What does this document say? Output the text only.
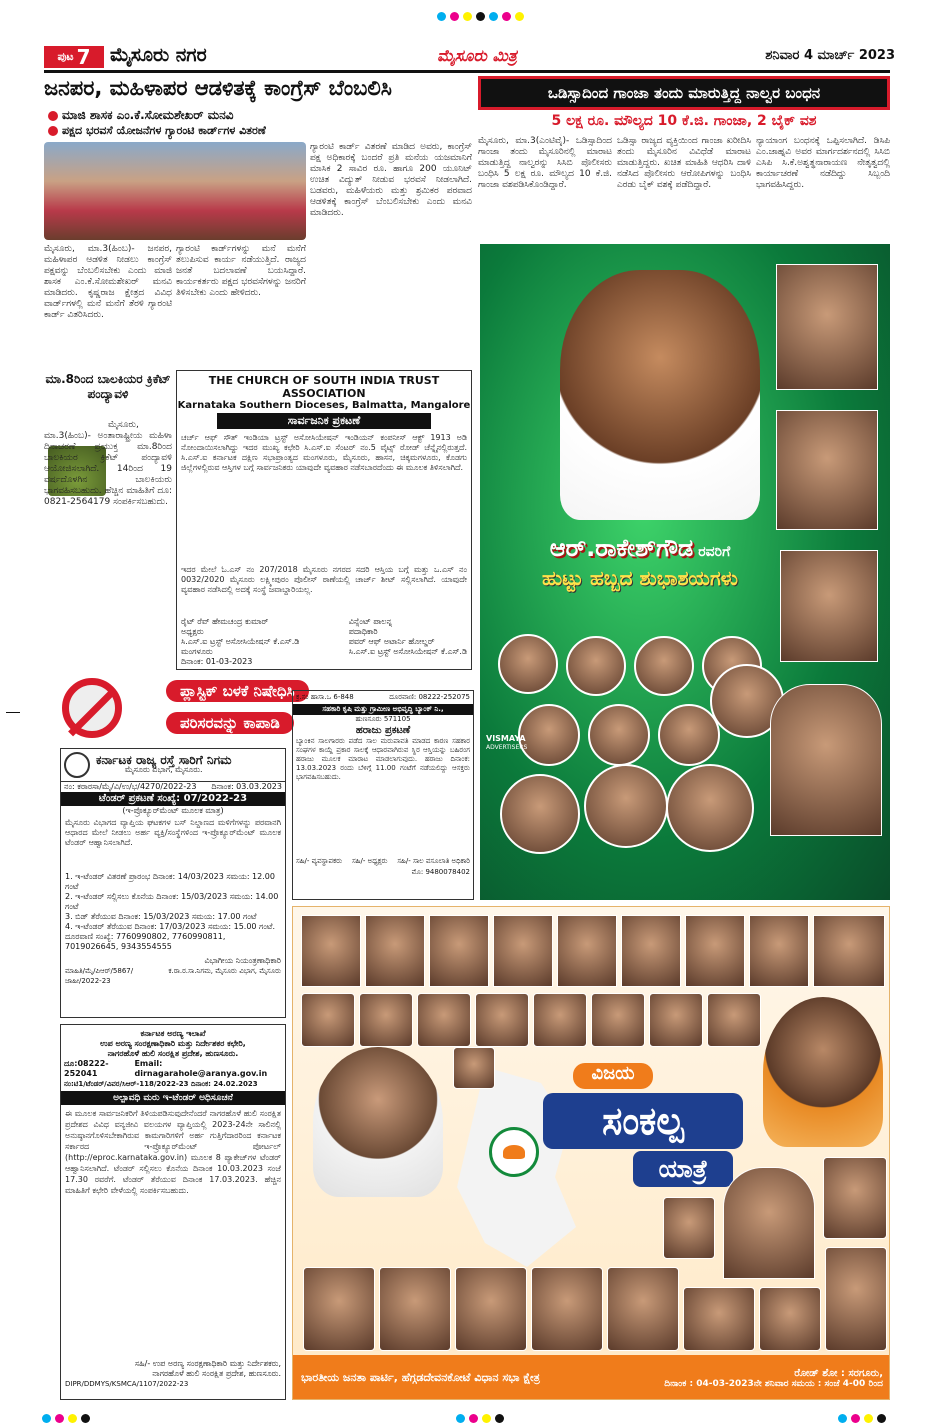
ಪುಟ 7 ಮೈಸೂರು ನಗರ	ಮೈಸೂರು ಮಿತ್ರ	ಶನಿವಾರ 4 ಮಾರ್ಚ್ 2023
ಜನಪರ, ಮಹಿಳಾಪರ ಆಡಳಿತಕ್ಕೆ ಕಾಂಗ್ರೆಸ್ ಬೆಂಬಲಿಸಿ
ಮಾಜಿ ಶಾಸಕ ಎಂ.ಕೆ.ಸೋಮಶೇಖರ್ ಮನವಿ
ಪಕ್ಷದ ಭರವಸೆ ಯೋಜನೆಗಳ ಗ್ಯಾರಂಟಿ ಕಾರ್ಡ್‌ಗಳ ವಿತರಣೆ
ಗ್ಯಾರಂಟಿ ಕಾರ್ಡ್ ವಿತರಣೆ ಮಾಡಿದ ಅವರು, ಕಾಂಗ್ರೆಸ್ ಪಕ್ಷ ಅಧಿಕಾರಕ್ಕೆ ಬಂದರೆ ಪ್ರತಿ ಮನೆಯ ಯಜಮಾನಿಗೆ ಮಾಸಿಕ 2 ಸಾವಿರ ರೂ. ಹಾಗೂ 200 ಯೂನಿಟ್ ಉಚಿತ ವಿದ್ಯುತ್ ನೀಡುವ ಭರವಸೆ ನೀಡಲಾಗಿದೆ. ಬಡವರು, ಮಹಿಳೆಯರು ಮತ್ತು ಶ್ರಮಿಕರ ಪರವಾದ ಆಡಳಿತಕ್ಕೆ ಕಾಂಗ್ರೆಸ್ ಬೆಂಬಲಿಸಬೇಕು ಎಂದು ಮನವಿ ಮಾಡಿದರು.
ಮೈಸೂರು, ಮಾ.3(ಹಿಂಬ)- ಜನಪರ, ಮಹಿಳಾಪರ ಆಡಳಿತ ನೀಡಲು ಕಾಂಗ್ರೆಸ್ ಪಕ್ಷವನ್ನು ಬೆಂಬಲಿಸಬೇಕು ಎಂದು ಮಾಜಿ ಶಾಸಕ ಎಂ.ಕೆ.ಸೋಮಶೇಖರ್ ಮನವಿ ಮಾಡಿದರು. ಕೃಷ್ಣರಾಜ ಕ್ಷೇತ್ರದ ವಿವಿಧ ವಾರ್ಡ್‌ಗಳಲ್ಲಿ ಮನೆ ಮನೆಗೆ ತೆರಳಿ ಗ್ಯಾರಂಟಿ ಕಾರ್ಡ್ ವಿತರಿಸಿದರು.
ಗ್ಯಾರಂಟಿ ಕಾರ್ಡ್‌ಗಳನ್ನು ಮನೆ ಮನೆಗೆ ತಲುಪಿಸುವ ಕಾರ್ಯ ನಡೆಯುತ್ತಿದೆ. ರಾಜ್ಯದ ಜನತೆ ಬದಲಾವಣೆ ಬಯಸಿದ್ದಾರೆ. ಕಾರ್ಯಕರ್ತರು ಪಕ್ಷದ ಭರವಸೆಗಳನ್ನು ಜನರಿಗೆ ತಿಳಿಸಬೇಕು ಎಂದು ಹೇಳಿದರು.
ಒಡಿಸ್ಸಾದಿಂದ ಗಾಂಜಾ ತಂದು ಮಾರುತ್ತಿದ್ದ ನಾಲ್ವರ ಬಂಧನ
5 ಲಕ್ಷ ರೂ. ಮೌಲ್ಯದ 10 ಕೆ.ಜಿ. ಗಾಂಜಾ, 2 ಬೈಕ್ ವಶ
ಮೈಸೂರು, ಮಾ.3(ಎಂಟಿವೈ)- ಒಡಿಸ್ಸಾದಿಂದ ಗಾಂಜಾ ತಂದು ಮೈಸೂರಿನಲ್ಲಿ ಮಾರಾಟ ಮಾಡುತ್ತಿದ್ದ ನಾಲ್ವರನ್ನು ಸಿಸಿಬಿ ಪೊಲೀಸರು ಬಂಧಿಸಿ 5 ಲಕ್ಷ ರೂ. ಮೌಲ್ಯದ 10 ಕೆ.ಜಿ. ಗಾಂಜಾ ವಶಪಡಿಸಿಕೊಂಡಿದ್ದಾರೆ.
ಒಡಿಸ್ಸಾ ರಾಜ್ಯದ ವ್ಯಕ್ತಿಯಿಂದ ಗಾಂಜಾ ಖರೀದಿಸಿ ತಂದು ಮೈಸೂರಿನ ವಿವಿಧೆಡೆ ಮಾರಾಟ ಮಾಡುತ್ತಿದ್ದರು. ಖಚಿತ ಮಾಹಿತಿ ಆಧರಿಸಿ ದಾಳಿ ನಡೆಸಿದ ಪೊಲೀಸರು ಆರೋಪಿಗಳನ್ನು ಬಂಧಿಸಿ ಎರಡು ಬೈಕ್ ವಶಕ್ಕೆ ಪಡೆದಿದ್ದಾರೆ.
ನ್ಯಾಯಾಂಗ ಬಂಧನಕ್ಕೆ ಒಪ್ಪಿಸಲಾಗಿದೆ. ಡಿಸಿಪಿ ಎಂ.ಜಾಹ್ನವಿ ಅವರ ಮಾರ್ಗದರ್ಶನದಲ್ಲಿ ಸಿಸಿಬಿ ಎಸಿಪಿ ಸಿ.ಕೆ.ಅಶ್ವತ್ಥನಾರಾಯಣ ನೇತೃತ್ವದಲ್ಲಿ ಕಾರ್ಯಾಚರಣೆ ನಡೆದಿದ್ದು ಸಿಬ್ಬಂದಿ ಭಾಗವಹಿಸಿದ್ದರು.
ಮಾ.8ರಿಂದ ಬಾಲಕಿಯರ ಕ್ರಿಕೆಟ್ ಪಂದ್ಯಾವಳಿ
ಮೈಸೂರು, ಮಾ.3(ಹಿಂಬ)- ಅಂತಾರಾಷ್ಟ್ರೀಯ ಮಹಿಳಾ ದಿನಾಚರಣೆ ಪ್ರಯುಕ್ತ ಮಾ.8ರಿಂದ ಬಾಲಕಿಯರ ಕ್ರಿಕೆಟ್ ಪಂದ್ಯಾವಳಿ ಆಯೋಜಿಸಲಾಗಿದೆ. 14ರಿಂದ 19 ವರ್ಷದೊಳಗಿನ ಬಾಲಕಿಯರು ಭಾಗವಹಿಸಬಹುದು. ಹೆಚ್ಚಿನ ಮಾಹಿತಿಗೆ ದೂ: 0821-2564179 ಸಂಪರ್ಕಿಸಬಹುದು.
THE CHURCH OF SOUTH INDIA TRUST ASSOCIATION
Karnataka Southern Dioceses, Balmatta, Mangalore
ಸಾರ್ವಜನಿಕ ಪ್ರಕಟಣೆ
ಚರ್ಚ್ ಆಫ್ ಸೌತ್ ಇಂಡಿಯಾ ಟ್ರಸ್ಟ್ ಅಸೋಸಿಯೇಷನ್ ಇಂಡಿಯನ್ ಕಂಪನೀಸ್ ಆಕ್ಟ್ 1913 ಅಡಿ ನೋಂದಾಯಿಸಲಾಗಿದ್ದು ಇದರ ಮುಖ್ಯ ಕಛೇರಿ ಸಿ.ಎಸ್.ಐ ಸೆಂಟರ್ ನಂ.5 ವೈಟ್ಸ್ ರೋಡ್ ಚೆನ್ನೈನಲ್ಲಿರುತ್ತದೆ. ಸಿ.ಎಸ್.ಐ ಕರ್ನಾಟಕ ದಕ್ಷಿಣ ಸಭಾಪ್ರಾಂತ್ಯದ ಮಂಗಳೂರು, ಮೈಸೂರು, ಹಾಸನ, ಚಿಕ್ಕಮಗಳೂರು, ಕೊಡಗು ಜಿಲ್ಲೆಗಳಲ್ಲಿರುವ ಆಸ್ತಿಗಳ ಬಗ್ಗೆ ಸಾರ್ವಜನಿಕರು ಯಾವುದೇ ವ್ಯವಹಾರ ನಡೆಸಬಾರದೆಂದು ಈ ಮೂಲಕ ತಿಳಿಸಲಾಗಿದೆ.
ಇದರ ಮೇಲೆ ಓ.ಎಸ್ ನಂ 207/2018 ಮೈಸೂರು ನಗರದ ಸದರಿ ಆಸ್ತಿಯ ಬಗ್ಗೆ ಮತ್ತು ಒ.ಎಸ್ ನಂ 0032/2020 ಮೈಸೂರು ಲಕ್ಷ್ಮೀಪುರಂ ಪೊಲೀಸ್ ಠಾಣೆಯಲ್ಲಿ ಚಾರ್ಜ್ ಶೀಟ್ ಸಲ್ಲಿಸಲಾಗಿದೆ. ಯಾವುದೇ ವ್ಯವಹಾರ ನಡೆಸಿದಲ್ಲಿ ಅದಕ್ಕೆ ಸಂಸ್ಥೆ ಜವಾಬ್ದಾರಿಯಲ್ಲ.
ರೈಟ್ ರೆವ್ ಹೇಮಚಂದ್ರ ಕುಮಾರ್
ಅಧ್ಯಕ್ಷರು
ಸಿ.ಎಸ್.ಐ ಟ್ರಸ್ಟ್ ಅಸೋಸಿಯೇಷನ್ ಕೆ.ಎಸ್.ಡಿ
ಮಂಗಳೂರು
ದಿನಾಂಕ: 01-03-2023
ವಿನ್ಸೆಂಟ್ ಪಾಲನ್ನ
ಪದಾಧಿಕಾರಿ
ಪವರ್ ಆಫ್ ಅಟಾರ್ನಿ ಹೋಲ್ಡರ್
ಸಿ.ಎಸ್.ಐ ಟ್ರಸ್ಟ್ ಅಸೋಸಿಯೇಷನ್ ಕೆ.ಎಸ್.ಡಿ
ಪ್ಲಾಸ್ಟಿಕ್ ಬಳಕೆ ನಿಷೇಧಿಸಿ
ಪರಿಸರವನ್ನು ಕಾಪಾಡಿ
ಕರ್ನಾಟಕ ರಾಜ್ಯ ರಸ್ತೆ ಸಾರಿಗೆ ನಿಗಮ
ಮೈಸೂರು ವಿಭಾಗ, ಮೈಸೂರು.
ನಂ: ಕರಾರಸಾ/ಮೈ/ವಿ/ಉ/ಭ/4270/2022-23 ದಿನಾಂಕ: 03.03.2023
ಟೆಂಡರ್ ಪ್ರಕಟಣೆ ಸಂಖ್ಯೆ: 07/2022-23
(ಇ-ಪ್ರೊಕ್ಯೂರ್‌ಮೆಂಟ್ ಮೂಲಕ ಮಾತ್ರ)
ಮೈಸೂರು ವಿಭಾಗದ ವ್ಯಾಪ್ತಿಯ ಘಟಕಗಳ ಬಸ್ ನಿಲ್ದಾಣದ ಮಳಿಗೆಗಳನ್ನು ಪರವಾನಗಿ ಆಧಾರದ ಮೇಲೆ ನೀಡಲು ಅರ್ಹ ವ್ಯಕ್ತಿ/ಸಂಸ್ಥೆಗಳಿಂದ ಇ-ಪ್ರೊಕ್ಯೂರ್‌ಮೆಂಟ್ ಮೂಲಕ ಟೆಂಡರ್ ಆಹ್ವಾನಿಸಲಾಗಿದೆ.
1. ಇ-ಟೆಂಡರ್ ವಿತರಣೆ ಪ್ರಾರಂಭ ದಿನಾಂಕ: 14/03/2023 ಸಮಯ: 12.00 ಗಂಟೆ
2. ಇ-ಟೆಂಡರ್ ಸಲ್ಲಿಸಲು ಕೊನೆಯ ದಿನಾಂಕ: 15/03/2023 ಸಮಯ: 14.00 ಗಂಟೆ
3. ಬಿಡ್ ತೆರೆಯುವ ದಿನಾಂಕ: 15/03/2023 ಸಮಯ: 17.00 ಗಂಟೆ
4. ಇ-ಟೆಂಡರ್ ತೆರೆಯುವ ದಿನಾಂಕ: 17/03/2023 ಸಮಯ: 15.00 ಗಂಟೆ. ದೂರವಾಣಿ ಸಂಖ್ಯೆ: 7760990802, 7760990811, 7019026645, 9343554555
ವಿಭಾಗೀಯ ನಿಯಂತ್ರಣಾಧಿಕಾರಿ
ಮಾಹಿತಿ/ಮೈ/ಪಿಆರ್/5867/ಜಾಹೀ/2022-23
ಕ.ರಾ.ರ.ಸಾ.ನಿಗಮ, ಮೈಸೂರು ವಿಭಾಗ, ಮೈಸೂರು
ಕರ್ನಾಟಕ ಅರಣ್ಯ ಇಲಾಖೆ
ಉಪ ಅರಣ್ಯ ಸಂರಕ್ಷಣಾಧಿಕಾರಿ ಮತ್ತು ನಿರ್ದೇಶಕರ ಕಛೇರಿ,
ನಾಗರಹೊಳೆ ಹುಲಿ ಸಂರಕ್ಷಿತ ಪ್ರದೇಶ, ಹುಣಸೂರು.
ದೂ:08222-252041
Email: dirnagarahole@aranya.gov.in
ನಂ:ಟಿ1/ಟೆಂಡರ್/ವಿವರ/ಸಿಆರ್-118/2022-23 ದಿನಾಂಕ: 24.02.2023
ಅಲ್ಪಾವಧಿ ಮರು ಇ-ಟೆಂಡರ್ ಅಧಿಸೂಚನೆ
ಈ ಮೂಲಕ ಸಾರ್ವಜನಿಕರಿಗೆ ತಿಳಿಯಪಡಿಸುವುದೇನೆಂದರೆ ನಾಗರಹೊಳೆ ಹುಲಿ ಸಂರಕ್ಷಿತ ಪ್ರದೇಶದ ವಿವಿಧ ವನ್ಯಜೀವಿ ವಲಯಗಳ ವ್ಯಾಪ್ತಿಯಲ್ಲಿ 2023-24ನೇ ಸಾಲಿನಲ್ಲಿ ಅನುಷ್ಠಾನಗೊಳಿಸಬೇಕಾಗಿರುವ ಕಾಮಗಾರಿಗಳಿಗೆ ಅರ್ಹ ಗುತ್ತಿಗೆದಾರರಿಂದ ಕರ್ನಾಟಕ ಸರ್ಕಾರದ ಇ-ಪ್ರೊಕ್ಯೂರ್‌ಮೆಂಟ್ ಪೋರ್ಟಲ್ (http://eproc.karnataka.gov.in) ಮೂಲಕ 8 ಪ್ಯಾಕೇಜ್‌ಗಳ ಟೆಂಡರ್ ಆಹ್ವಾನಿಸಲಾಗಿದೆ. ಟೆಂಡರ್ ಸಲ್ಲಿಸಲು ಕೊನೆಯ ದಿನಾಂಕ 10.03.2023 ಸಂಜೆ 17.30 ರವರೆಗೆ. ಟೆಂಡರ್ ತೆರೆಯುವ ದಿನಾಂಕ 17.03.2023. ಹೆಚ್ಚಿನ ಮಾಹಿತಿಗೆ ಕಛೇರಿ ವೇಳೆಯಲ್ಲಿ ಸಂಪರ್ಕಿಸಬಹುದು.
ಸಹಿ/- ಉಪ ಅರಣ್ಯ ಸಂರಕ್ಷಣಾಧಿಕಾರಿ ಮತ್ತು ನಿರ್ದೇಶಕರು,
ನಾಗರಹೊಳೆ ಹುಲಿ ಸಂರಕ್ಷಿತ ಪ್ರದೇಶ, ಹುಣಸೂರು.
DIPR/DDMYS/KSMCA/1107/2022-23
ಆರ್.ರಾಕೇಶ್‌ಗೌಡ ರವರಿಗೆ
ಹುಟ್ಟು ಹಬ್ಬದ ಶುಭಾಶಯಗಳು
VISMAYA
ADVERTISERS
ಕ್ರ.ಸಂ ಹಾಸಾ.ಒ 6-848	ದೂರವಾಣಿ: 08222-252075
ಸಹಕಾರಿ ಕೃಷಿ ಮತ್ತು ಗ್ರಾಮೀಣ ಅಭಿವೃದ್ಧಿ ಬ್ಯಾಂಕ್ ನಿ.,
ಹುಣಸೂರು 571105
ಹರಾಜು ಪ್ರಕಟಣೆ
ಬ್ಯಾಂಕಿನ ಸಾಲಗಾರರು ಪಡೆದ ಸಾಲ ಮರುಪಾವತಿ ಮಾಡದ ಕಾರಣ ಸಹಕಾರ ಸಂಘಗಳ ಕಾಯ್ದೆ ಪ್ರಕಾರ ಸಾಲಕ್ಕೆ ಆಧಾರವಾಗಿರುವ ಸ್ಥಿರ ಆಸ್ತಿಯನ್ನು ಬಹಿರಂಗ ಹರಾಜು ಮೂಲಕ ಮಾರಾಟ ಮಾಡಲಾಗುವುದು. ಹರಾಜು ದಿನಾಂಕ: 13.03.2023 ರಂದು ಬೆಳಿಗ್ಗೆ 11.00 ಗಂಟೆಗೆ ನಡೆಯಲಿದ್ದು ಆಸಕ್ತರು ಭಾಗವಹಿಸಬಹುದು.
ಸಹಿ/- ವ್ಯವಸ್ಥಾಪಕರು ಸಹಿ/- ಅಧ್ಯಕ್ಷರು ಸಹಿ/- ಸಾಲ ವಸೂಲಾತಿ ಅಧಿಕಾರಿ
ಮೊ: 9480078402
ವಿಜಯ
ಸಂಕಲ್ಪ
ಯಾತ್ರೆ
ಭಾರತೀಯ ಜನತಾ ಪಾರ್ಟಿ, ಹೆಗ್ಗಡದೇವನಕೋಟೆ ವಿಧಾನ ಸಭಾ ಕ್ಷೇತ್ರ	ರೋಡ್ ಶೋ : ಸರಗೂರು,
ದಿನಾಂಕ : 04-03-2023ನೇ ಶನಿವಾರ ಸಮಯ : ಸಂಜೆ 4-00 ರಿಂದ
